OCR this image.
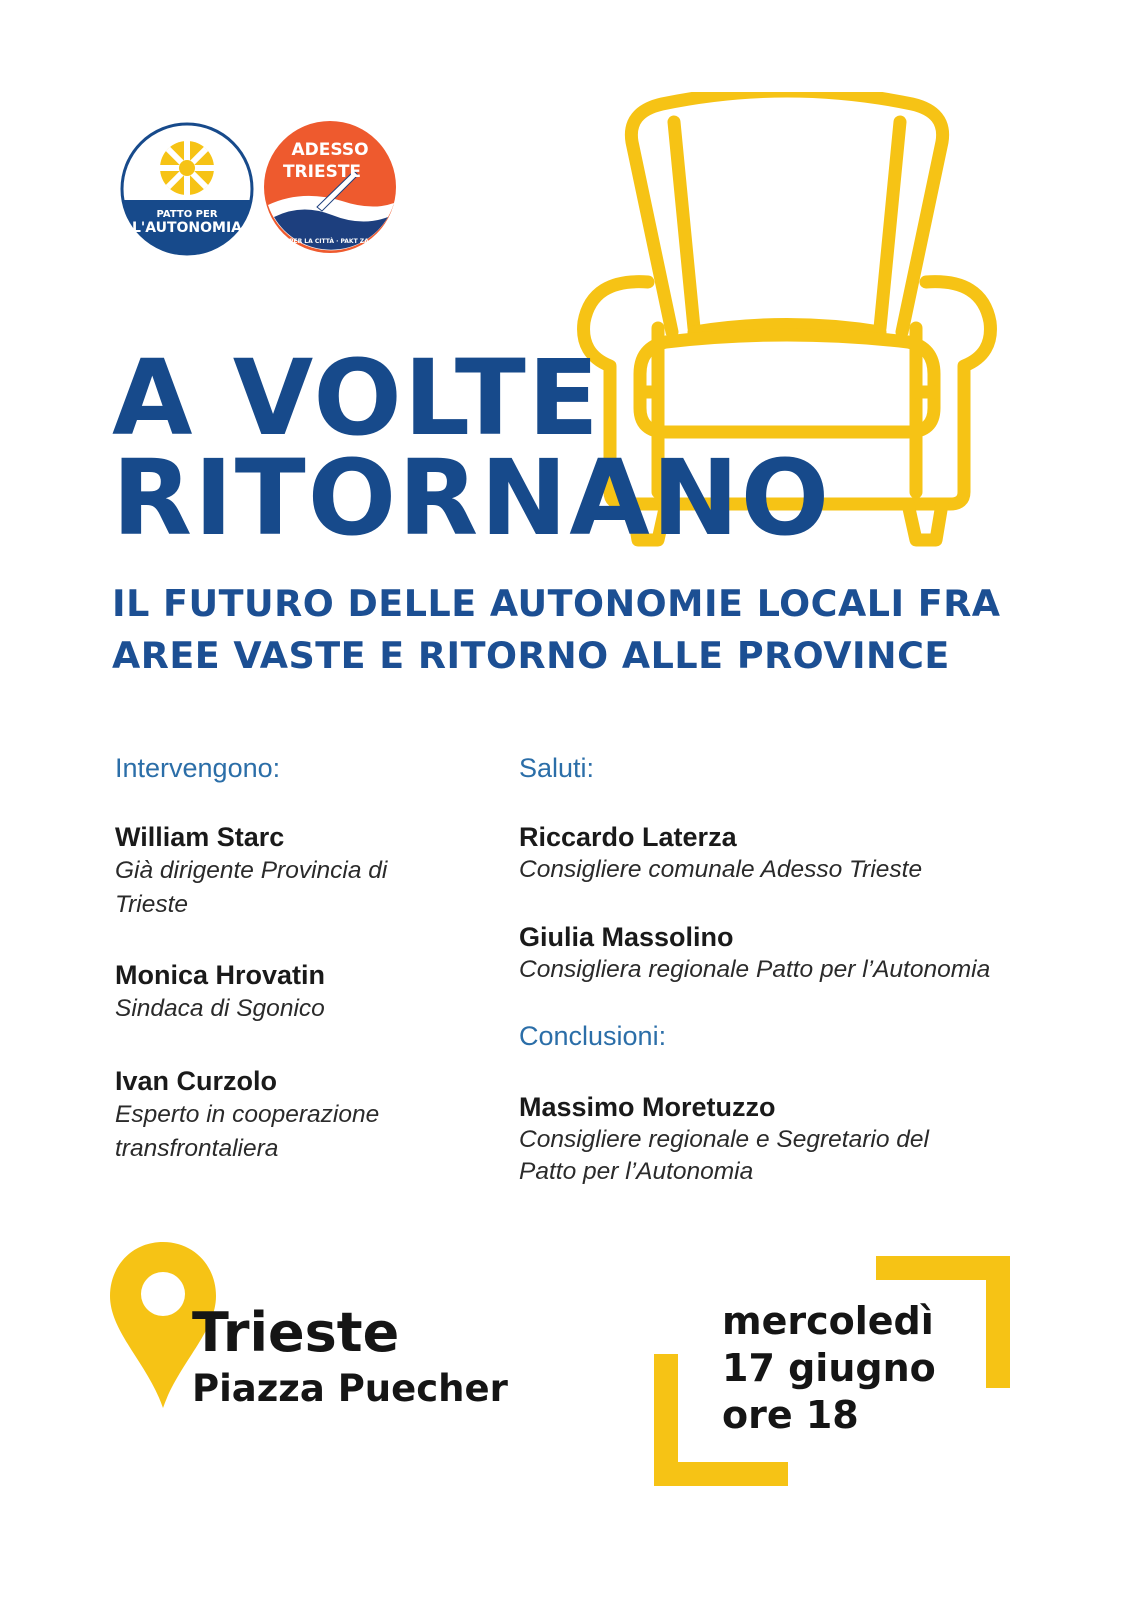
PATTO PER
L'AUTONOMIA
ADESSO
TRIESTE
PATTO PER LA CITTÀ · PAKT ZA MESTO
A VOLTE
RITORNANO
IL FUTURO DELLE AUTONOMIE LOCALI FRA
AREE VASTE E RITORNO ALLE PROVINCE
Intervengono:
William Starc
Già dirigente Provincia di
Trieste
Monica Hrovatin
Sindaca di Sgonico
Ivan Curzolo
Esperto in cooperazione
transfrontaliera
Saluti:
Riccardo Laterza
Consigliere comunale Adesso Trieste
Giulia Massolino
Consigliera regionale Patto per l’Autonomia
Conclusioni:
Massimo Moretuzzo
Consigliere regionale e Segretario del
Patto per l’Autonomia
Trieste
Piazza Puecher
mercoledì
17 giugno
ore 18
